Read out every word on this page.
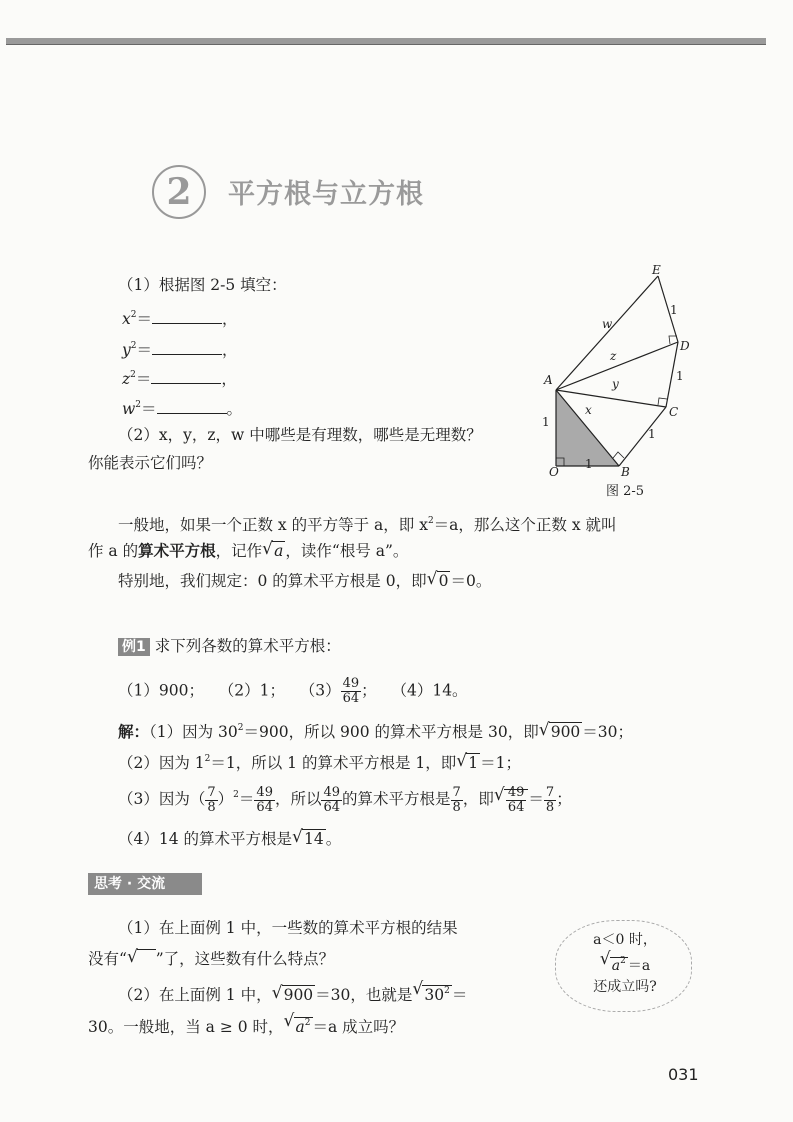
2	平方根与立方根
（1）根据图 2-5 填空：
$x^2=$	，
$y^2=$	，
$z^2=$	，
$w^2=$	。
（2）x，y，z，w 中哪些是有理数，哪些是无理数？
你能表示它们吗？
A
B
C
D
E
O
x
y
z
w
1
1
1
1
1
图 2-5
一般地，如果一个正数 x 的平方等于 a，即 $x^2=a$，那么这个正数 x 就叫
作 a 的算术平方根，记作 √ a ，读作“根号 a”。
特别地，我们规定：0 的算术平方根是 0，即 √ 0 ＝0。
例1 求下列各数的算术平方根：
（1）900； （2）1； $(3) \frac{49}{64}$ ； （4）14。
解：（1）因为 $30^2=900$，所以 900 的算术平方根是 30，即 √ 900 ＝30；
（2）因为 $1^2=1$，所以 1 的算术平方根是 1，即 √ 1 ＝1；
（3）因为（ $\frac{7}{8} )^2= \frac{49}{64}$ ，所以 $\frac{49}{64}$ 的算术平方根是 $\frac{7}{8}$ ，即 √ $\frac{49}{64} = \frac{7}{8}$ ；
（4）14 的算术平方根是 √ 14 。
思考 · 交流
（1）在上面例 1 中，一些数的算术平方根的结果
没有“ √ ”了，这些数有什么特点？
（2）在上面例 1 中， √ 900 ＝30，也就是 √ $30^2$ ＝
30。一般地，当 a ≥ 0 时， √ $a^2 =a$ 成立吗？
a＜0 时，
√ $a^2 =a$
还成立吗?
031
